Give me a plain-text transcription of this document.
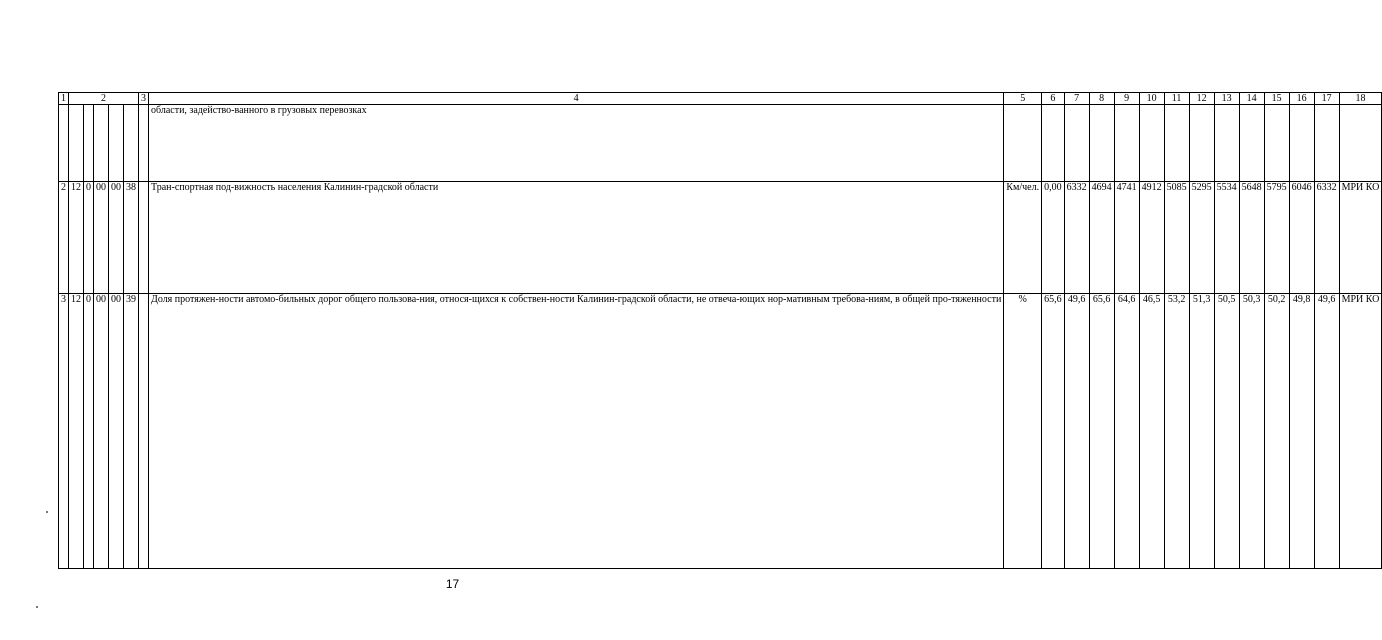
1	2					3	4	5	6	7	8	9	10	11	12	13	14	15	16	17	18
							области, задейство-ванного в грузовых перевозках														
2	12	0	00	00	38		Тран-спортная под-вижность населения Калинин-градской области	Км/чел.	0,00	6332	4694	4741	4912	5085	5295	5534	5648	5795	6046	6332	МРИ КО
3	12	0	00	00	39		Доля протяжен-ности автомо-бильных дорог общего пользова-ния, относя-щихся к собствен-ности Калинин-градской области, не отвеча-ющих нор-мативным требова-ниям, в общей про-тяженности	%	65,6	49,6	65,6	64,6	46,5	53,2	51,3	50,5	50,3	50,2	49,8	49,6	МРИ КО
17
